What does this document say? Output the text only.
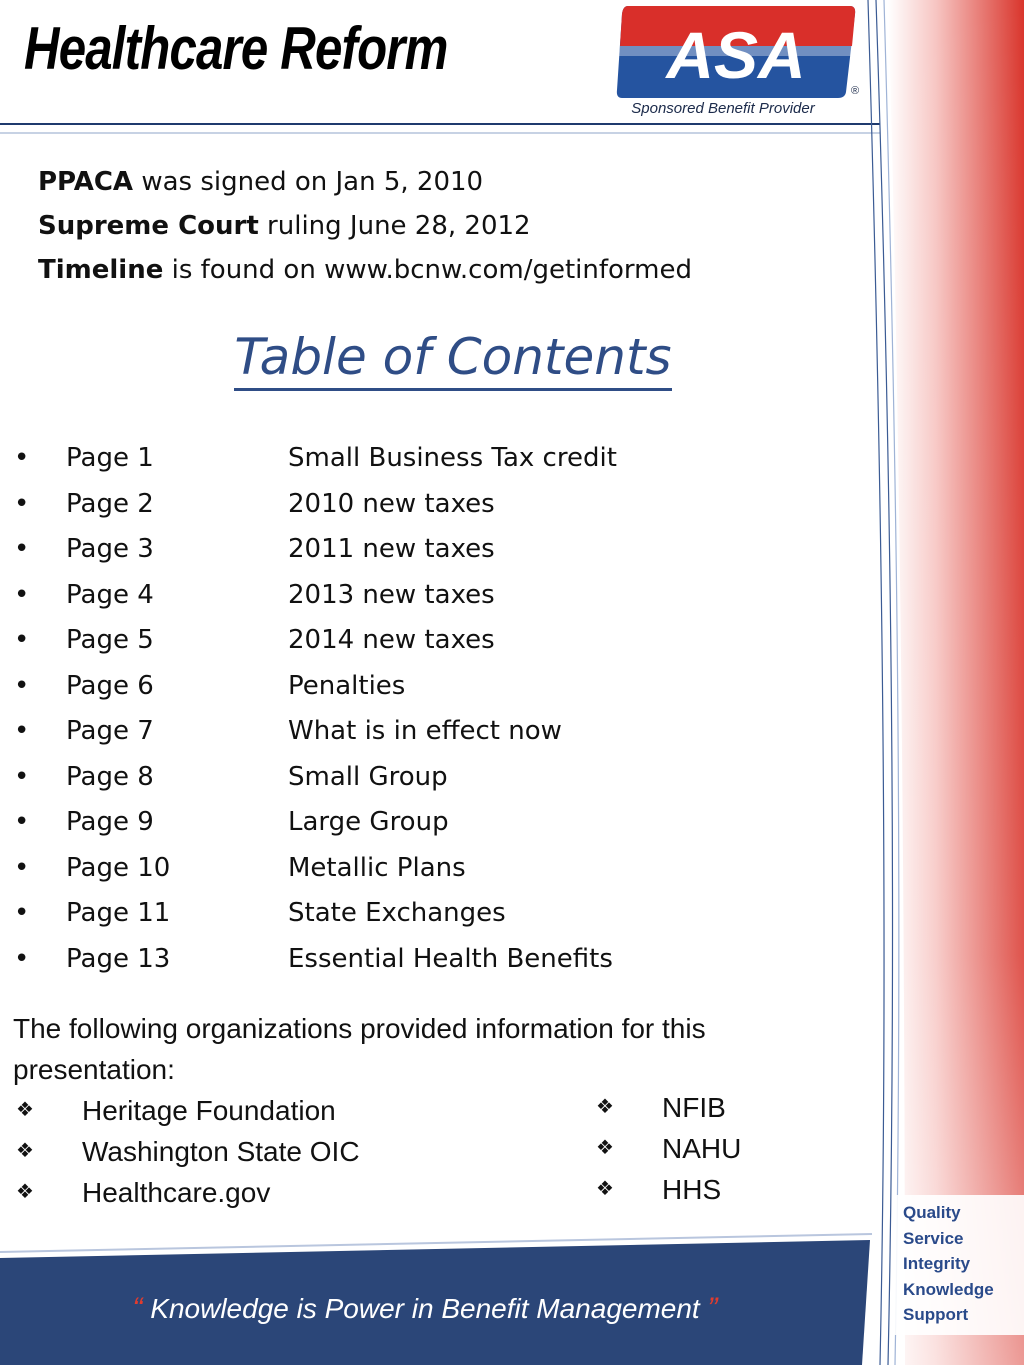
Healthcare Reform	ASA	®
Sponsored Benefit Provider
PPACA was signed on Jan 5, 2010
Supreme Court ruling June 28, 2012
Timeline is found on www.bcnw.com/getinformed
Table of Contents
• Page 1	Small Business Tax credit
• Page 2	2010 new taxes
• Page 3	2011 new taxes
• Page 4	2013 new taxes
• Page 5	2014 new taxes
• Page 6	Penalties
• Page 7	What is in effect now
• Page 8	Small Group
• Page 9	Large Group
• Page 10	Metallic Plans
• Page 11	State Exchanges
• Page 13	Essential Health Benefits
The following organizations provided information for this presentation:
❖	Heritage Foundation
❖	Washington State OIC
❖	Healthcare.gov
❖	NFIB
❖	NAHU
❖	HHS
Quality
Service
Integrity
Knowledge
Support
“ Knowledge is Power in Benefit Management ”
